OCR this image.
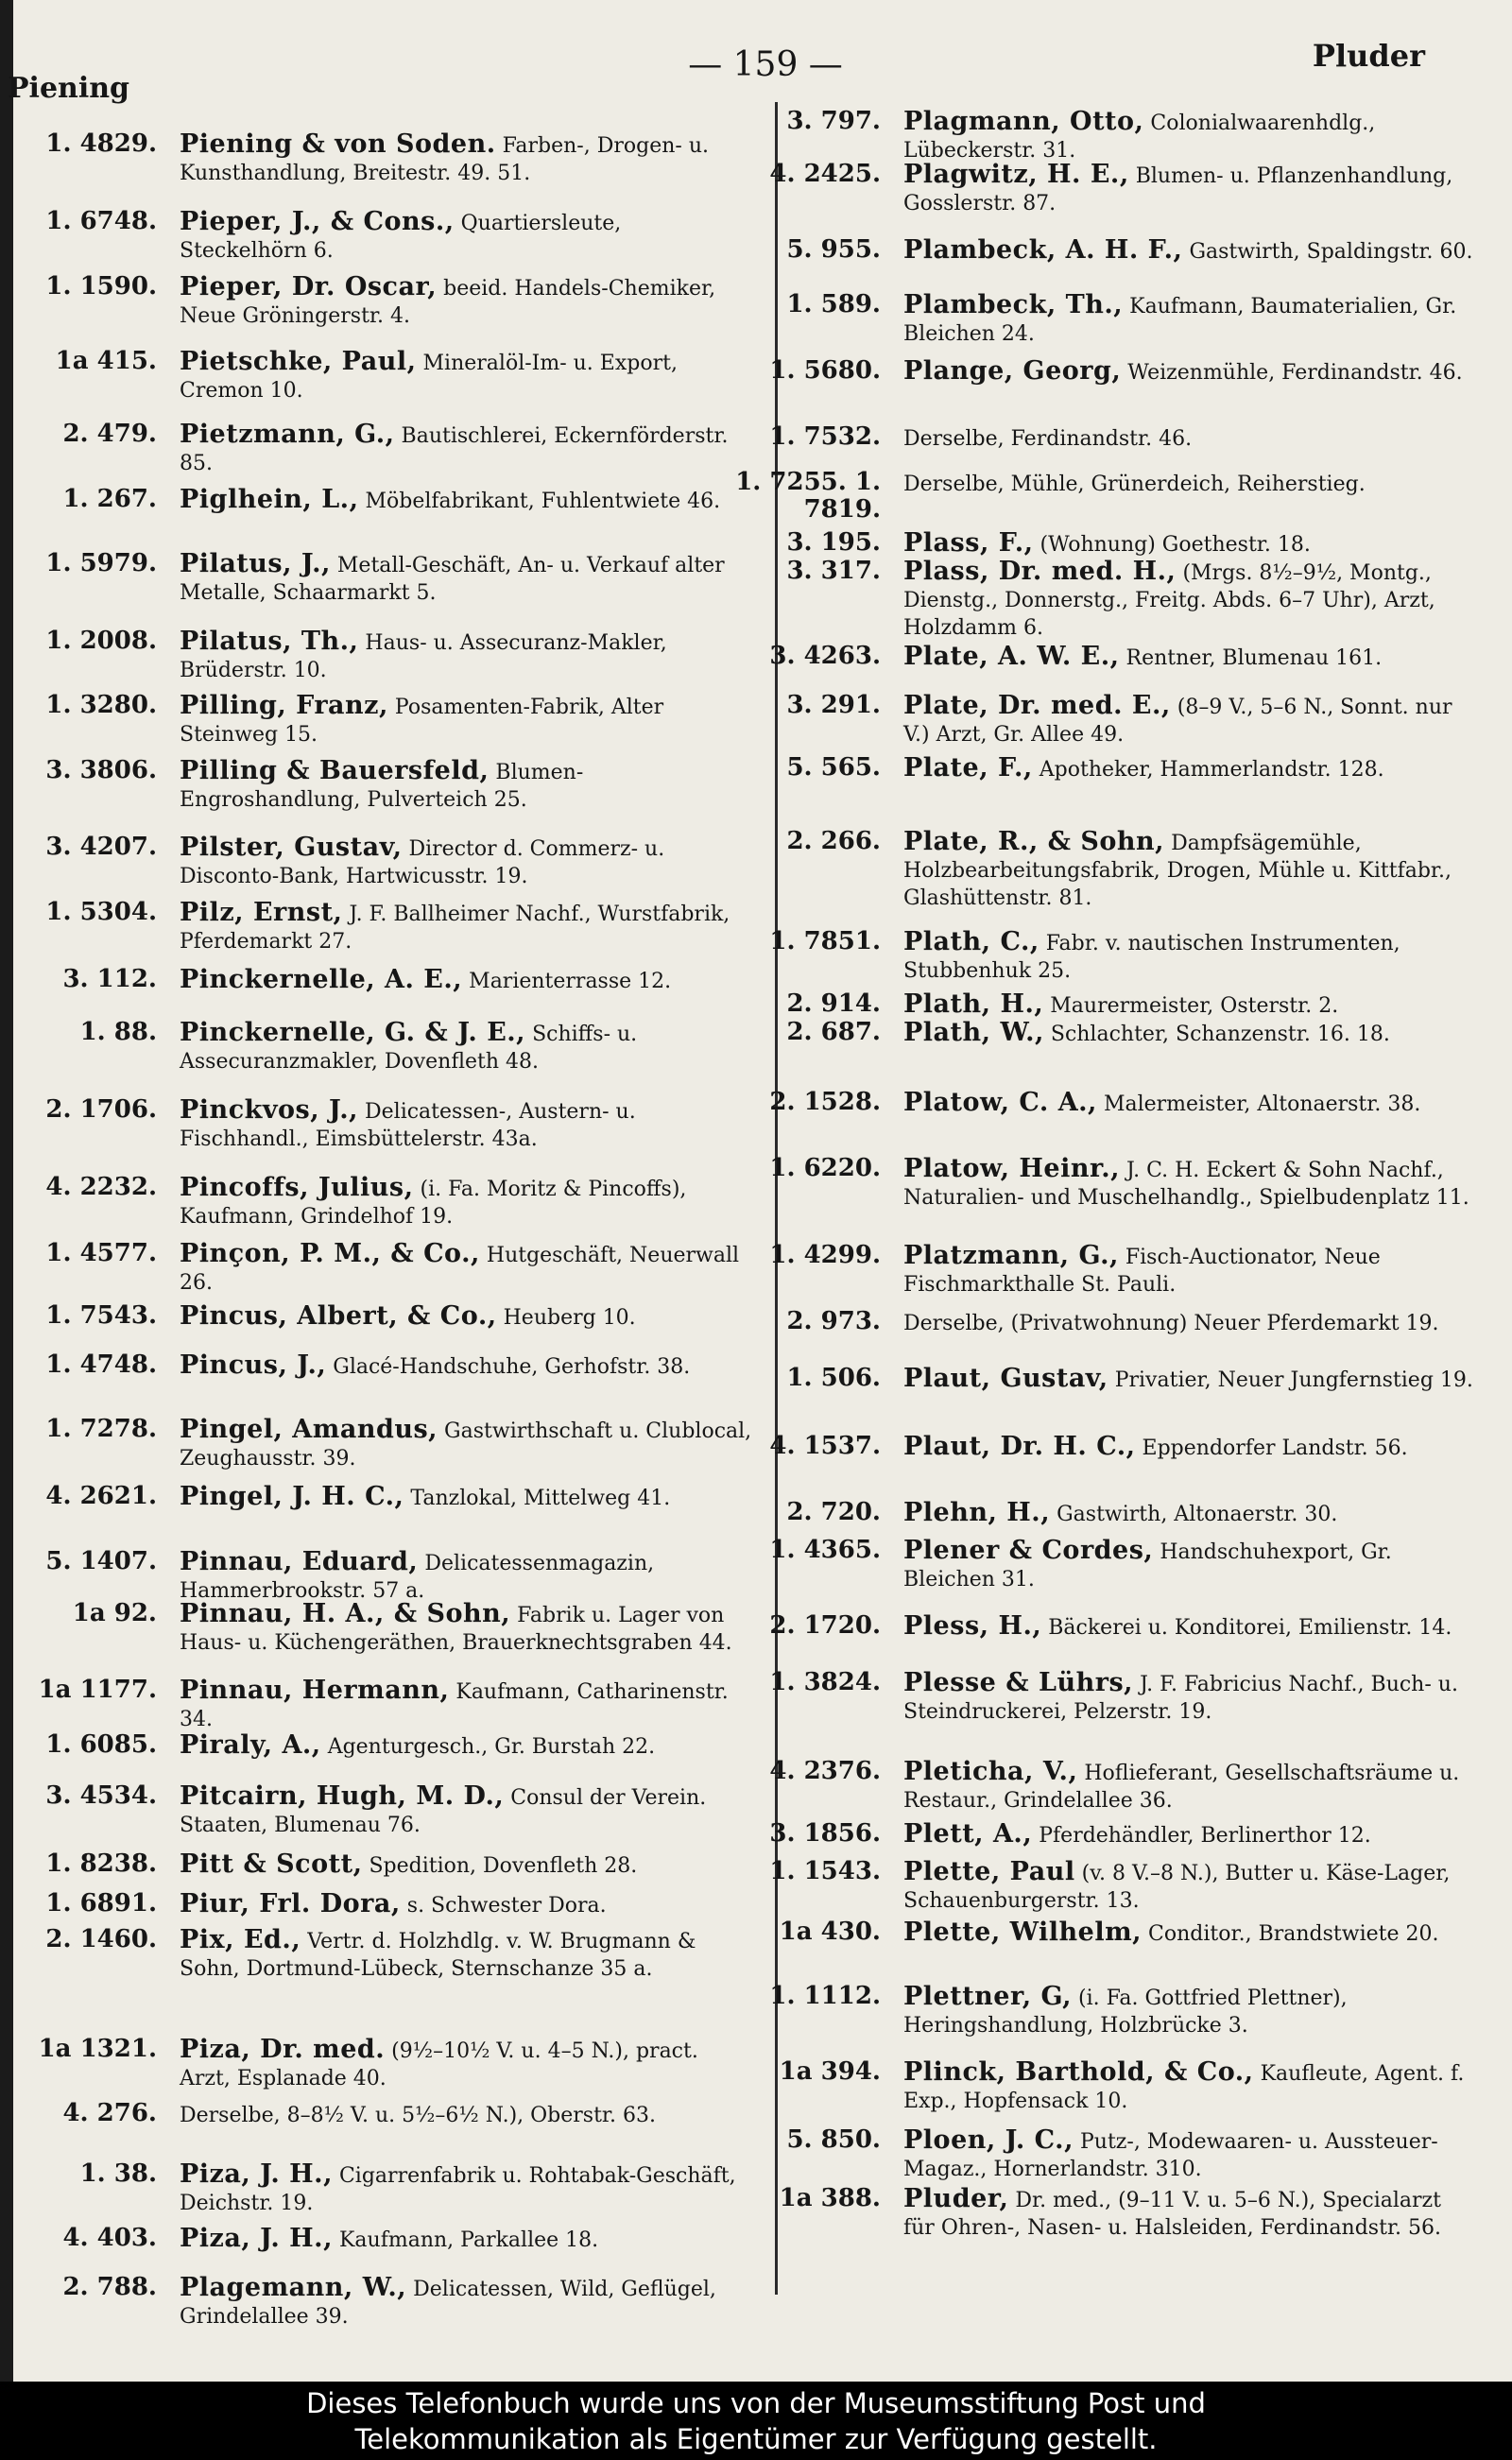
Piening
— 159 —	Pluder
1. 4829. Piening & von Soden. Farben-, Drogen- u. Kunsthandlung, Breitestr. 49. 51.
1. 6748. Pieper, J., & Cons., Quartiersleute, Steckelhörn 6.
1. 1590. Pieper, Dr. Oscar, beeid. Handels-Chemiker, Neue Gröningerstr. 4.
1a 415. Pietschke, Paul, Mineralöl-Im- u. Export, Cremon 10.
2. 479. Pietzmann, G., Bautischlerei, Eckernförderstr. 85.
1. 267. Piglhein, L., Möbelfabrikant, Fuhlentwiete 46.
1. 5979. Pilatus, J., Metall-Geschäft, An- u. Verkauf alter Metalle, Schaarmarkt 5.
1. 2008. Pilatus, Th., Haus- u. Assecuranz-Makler, Brüderstr. 10.
1. 3280. Pilling, Franz, Posamenten-Fabrik, Alter Steinweg 15.
3. 3806. Pilling & Bauersfeld, Blumen-Engroshandlung, Pulverteich 25.
3. 4207. Pilster, Gustav, Director d. Commerz- u. Disconto-Bank, Hartwicusstr. 19.
1. 5304. Pilz, Ernst, J. F. Ballheimer Nachf., Wurstfabrik, Pferdemarkt 27.
3. 112. Pinckernelle, A. E., Marienterrasse 12.
1. 88. Pinckernelle, G. & J. E., Schiffs- u. Assecuranzmakler, Dovenfleth 48.
2. 1706. Pinckvos, J., Delicatessen-, Austern- u. Fischhandl., Eimsbüttelerstr. 43a.
4. 2232. Pincoffs, Julius, (i. Fa. Moritz & Pincoffs), Kaufmann, Grindelhof 19.
1. 4577. Pinçon, P. M., & Co., Hutgeschäft, Neuerwall 26.
1. 7543. Pincus, Albert, & Co., Heuberg 10.
1. 4748. Pincus, J., Glacé-Handschuhe, Gerhofstr. 38.
1. 7278. Pingel, Amandus, Gastwirthschaft u. Clublocal, Zeughausstr. 39.
4. 2621. Pingel, J. H. C., Tanzlokal, Mittelweg 41.
5. 1407. Pinnau, Eduard, Delicatessenmagazin, Hammerbrookstr. 57 a.
1a 92. Pinnau, H. A., & Sohn, Fabrik u. Lager von Haus- u. Küchengeräthen, Brauerknechtsgraben 44.
1a 1177. Pinnau, Hermann, Kaufmann, Catharinenstr. 34.
1. 6085. Piraly, A., Agenturgesch., Gr. Burstah 22.
3. 4534. Pitcairn, Hugh, M. D., Consul der Verein. Staaten, Blumenau 76.
1. 8238. Pitt & Scott, Spedition, Dovenfleth 28.
1. 6891. Piur, Frl. Dora, s. Schwester Dora.
2. 1460. Pix, Ed., Vertr. d. Holzhdlg. v. W. Brugmann & Sohn, Dortmund-Lübeck, Sternschanze 35 a.
1a 1321. Piza, Dr. med. (9½–10½ V. u. 4–5 N.), pract. Arzt, Esplanade 40.
4. 276. Derselbe, 8–8½ V. u. 5½–6½ N.), Oberstr. 63.
1. 38. Piza, J. H., Cigarrenfabrik u. Rohtabak-Geschäft, Deichstr. 19.
4. 403. Piza, J. H., Kaufmann, Parkallee 18.
2. 788. Plagemann, W., Delicatessen, Wild, Geflügel, Grindelallee 39.
3. 797. Plagmann, Otto, Colonialwaarenhdlg., Lübeckerstr. 31.
4. 2425. Plagwitz, H. E., Blumen- u. Pflanzenhandlung, Gosslerstr. 87.
5. 955. Plambeck, A. H. F., Gastwirth, Spaldingstr. 60.
1. 589. Plambeck, Th., Kaufmann, Baumaterialien, Gr. Bleichen 24.
1. 5680. Plange, Georg, Weizenmühle, Ferdinandstr. 46.
1. 7532. Derselbe, Ferdinandstr. 46.
1. 7255. 1. 7819.
Derselbe, Mühle, Grünerdeich, Reiherstieg.
3. 195. Plass, F., (Wohnung) Goethestr. 18.
3. 317. Plass, Dr. med. H., (Mrgs. 8½–9½, Montg., Dienstg., Donnerstg., Freitg. Abds. 6–7 Uhr), Arzt, Holzdamm 6.
3. 4263. Plate, A. W. E., Rentner, Blumenau 161.
3. 291. Plate, Dr. med. E., (8–9 V., 5–6 N., Sonnt. nur V.) Arzt, Gr. Allee 49.
5. 565. Plate, F., Apotheker, Hammerlandstr. 128.
2. 266. Plate, R., & Sohn, Dampfsägemühle, Holzbearbeitungsfabrik, Drogen, Mühle u. Kittfabr., Glashüttenstr. 81.
1. 7851. Plath, C., Fabr. v. nautischen Instrumenten, Stubbenhuk 25.
2. 914. Plath, H., Maurermeister, Osterstr. 2.
2. 687. Plath, W., Schlachter, Schanzenstr. 16. 18.
2. 1528. Platow, C. A., Malermeister, Altonaerstr. 38.
1. 6220. Platow, Heinr., J. C. H. Eckert & Sohn Nachf., Naturalien- und Muschelhandlg., Spielbudenplatz 11.
1. 4299. Platzmann, G., Fisch-Auctionator, Neue Fischmarkthalle St. Pauli.
2. 973. Derselbe, (Privatwohnung) Neuer Pferdemarkt 19.
1. 506. Plaut, Gustav, Privatier, Neuer Jungfernstieg 19.
4. 1537. Plaut, Dr. H. C., Eppendorfer Landstr. 56.
2. 720. Plehn, H., Gastwirth, Altonaerstr. 30.
1. 4365. Plener & Cordes, Handschuhexport, Gr. Bleichen 31.
2. 1720. Pless, H., Bäckerei u. Konditorei, Emilienstr. 14.
1. 3824. Plesse & Lührs, J. F. Fabricius Nachf., Buch- u. Steindruckerei, Pelzerstr. 19.
4. 2376. Pleticha, V., Hoflieferant, Gesellschaftsräume u. Restaur., Grindelallee 36.
3. 1856. Plett, A., Pferdehändler, Berlinerthor 12.
1. 1543. Plette, Paul (v. 8 V.–8 N.), Butter u. Käse-Lager, Schauenburgerstr. 13.
1a 430. Plette, Wilhelm, Conditor., Brandstwiete 20.
1. 1112. Plettner, G, (i. Fa. Gottfried Plettner), Heringshandlung, Holzbrücke 3.
1a 394. Plinck, Barthold, & Co., Kaufleute, Agent. f. Exp., Hopfensack 10.
5. 850. Ploen, J. C., Putz-, Modewaaren- u. Aussteuer-Magaz., Hornerlandstr. 310.
1a 388. Pluder, Dr. med., (9–11 V. u. 5–6 N.), Specialarzt für Ohren-, Nasen- u. Halsleiden, Ferdinandstr. 56.
Dieses Telefonbuch wurde uns von der Museumsstiftung Post und
Telekommunikation als Eigentümer zur Verfügung gestellt.
